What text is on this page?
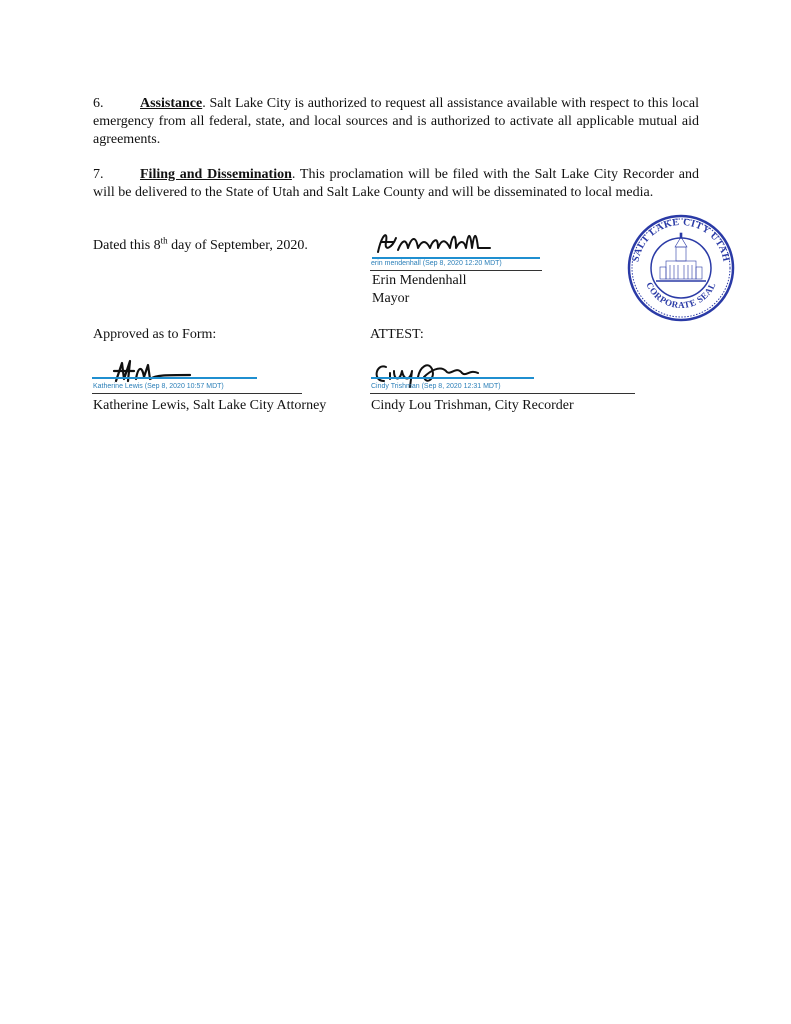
6.	Assistance. Salt Lake City is authorized to request all assistance available with respect to this local emergency from all federal, state, and local sources and is authorized to activate all applicable mutual aid agreements.
7.	Filing and Dissemination. This proclamation will be filed with the Salt Lake City Recorder and will be delivered to the State of Utah and Salt Lake County and will be disseminated to local media.
Dated this 8th day of September, 2020.
erin mendenhall (Sep 8, 2020 12:20 MDT)
Erin Mendenhall
Mayor
SALT LAKE CITY UTAH
CORPORATE SEAL
Approved as to Form:	ATTEST:
Katherine Lewis (Sep 8, 2020 10:57 MDT)
Katherine Lewis, Salt Lake City Attorney
Cindy Trishman (Sep 8, 2020 12:31 MDT)
Cindy Lou Trishman, City Recorder
